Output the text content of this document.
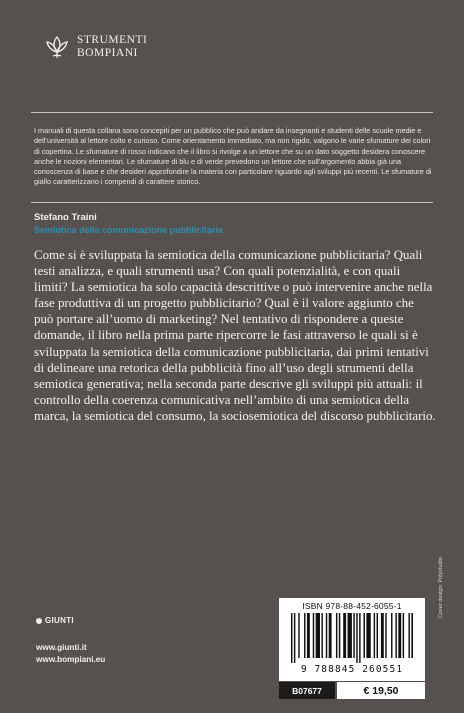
STRUMENTI
BOMPIANI
I manuali di questa collana sono concepiti per un pubblico che può andare da insegnanti e studenti delle scuole medie e dell’università al lettore colto e curioso. Come orientamento immediato, ma non rigido, valgono le varie sfumature dei colori di copertina. Le sfumature di rosso indicano che il libro si rivolge a un lettore che su un dato soggetto desidera conoscere anche le nozioni elementari. Le sfumature di blu e di verde prevedono un lettore che sull’argomento abbia già una conoscenza di base e che desideri approfondire la materia con particolare riguardo agli sviluppi più recenti. Le sfumature di giallo caratterizzano i compendi di carattere storico.
Stefano Traini
Semiotica della comunicazione pubblicitaria
Come si è sviluppata la semiotica della comunicazione pubblicitaria? Quali testi analizza, e quali strumenti usa? Con quali potenzialità, e con quali limiti? La semiotica ha solo capacità descrittive o può intervenire anche nella fase produttiva di un progetto pubblicitario? Qual è il valore aggiunto che può portare all’uomo di marketing? Nel tentativo di rispondere a queste domande, il libro nella prima parte ripercorre le fasi attraverso le quali si è sviluppata la semiotica della comunicazione pubblicitaria, dai primi tentativi di delineare una retorica della pubblicità fino all’uso degli strumenti della semiotica generativa; nella seconda parte descrive gli sviluppi più attuali: il controllo della coerenza comunicativa nell’ambito di una semiotica della marca, la semiotica del consumo, la sociosemiotica del discorso pubblicitario.
GIUNTI
www.giunti.it
www.bompiani.eu
ISBN 978-88-452-6055-1
9 788845 260551
B07677	€ 19,50
Cover design: Polystudio.
